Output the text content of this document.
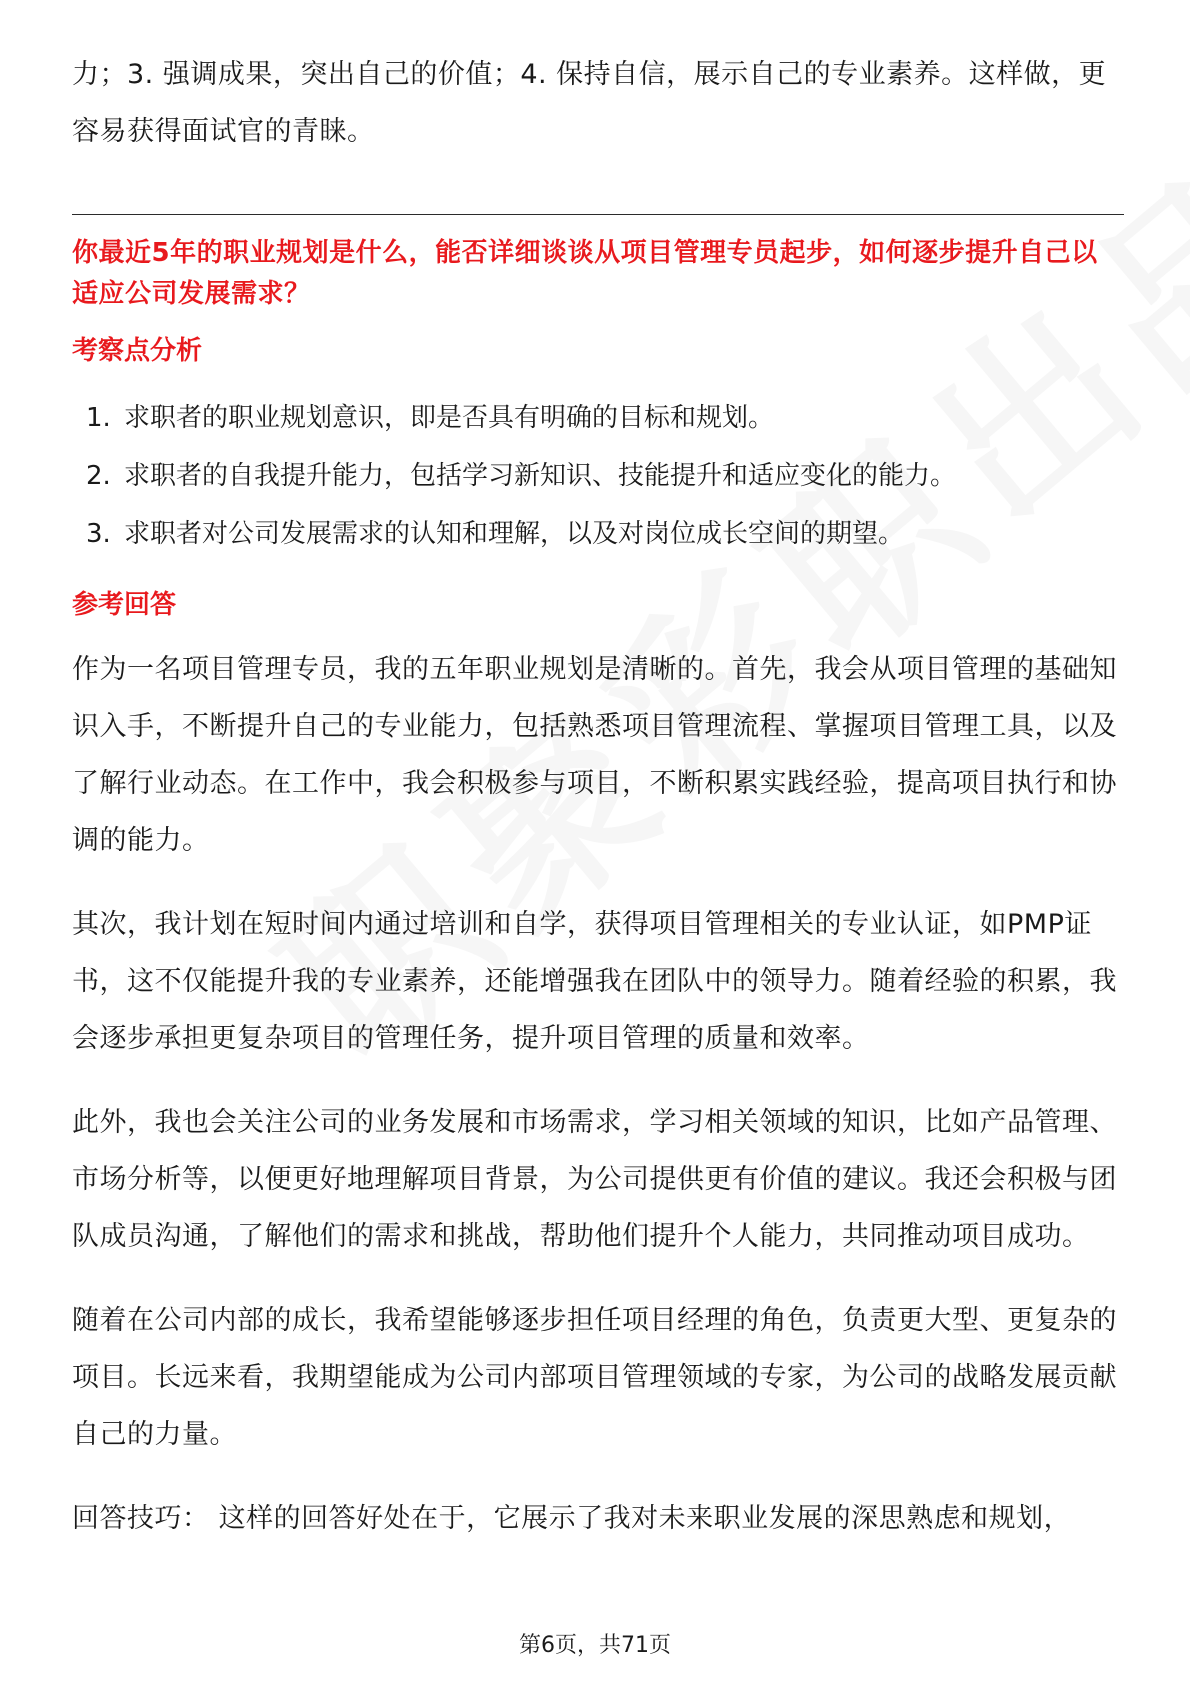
力；3. 强调成果，突出自己的价值；4. 保持自信，展示自己的专业素养。这样做，更容易获得面试官的青睐。

你最近5年的职业规划是什么，能否详细谈谈从项目管理专员起步，如何逐步提升自己以适应公司发展需求？

考察点分析
1. 求职者的职业规划意识，即是否具有明确的目标和规划。
2. 求职者的自我提升能力，包括学习新知识、技能提升和适应变化的能力。
3. 求职者对公司发展需求的认知和理解，以及对岗位成长空间的期望。
参考回答

作为一名项目管理专员，我的五年职业规划是清晰的。首先，我会从项目管理的基础知识入手，不断提升自己的专业能力，包括熟悉项目管理流程、掌握项目管理工具，以及了解行业动态。在工作中，我会积极参与项目，不断积累实践经验，提高项目执行和协调的能力。

其次，我计划在短时间内通过培训和自学，获得项目管理相关的专业认证，如PMP证书，这不仅能提升我的专业素养，还能增强我在团队中的领导力。随着经验的积累，我会逐步承担更复杂项目的管理任务，提升项目管理的质量和效率。

此外，我也会关注公司的业务发展和市场需求，学习相关领域的知识，比如产品管理、市场分析等，以便更好地理解项目背景，为公司提供更有价值的建议。我还会积极与团队成员沟通，了解他们的需求和挑战，帮助他们提升个人能力，共同推动项目成功。

随着在公司内部的成长，我希望能够逐步担任项目经理的角色，负责更大型、更复杂的项目。长远来看，我期望能成为公司内部项目管理领域的专家，为公司的战略发展贡献自己的力量。

回答技巧： 这样的回答好处在于，它展示了我对未来职业发展的深思熟虑和规划，

第6页，共71页
